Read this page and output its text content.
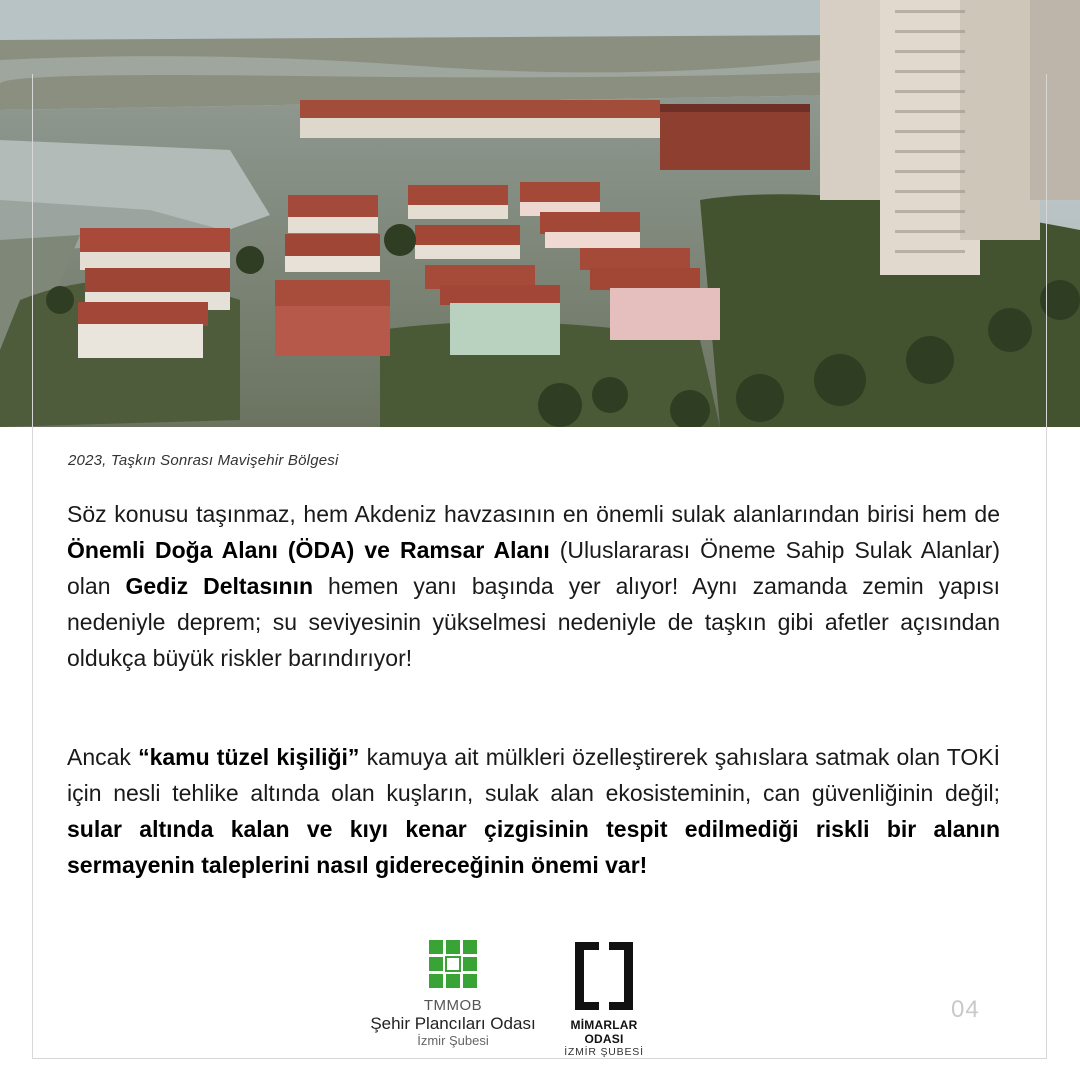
2023, Taşkın Sonrası Mavişehir Bölgesi

Söz konusu taşınmaz, hem Akdeniz havzasının en önemli sulak alanlarından birisi hem de Önemli Doğa Alanı (ÖDA) ve Ramsar Alanı (Uluslararası Öneme Sahip Sulak Alanlar) olan Gediz Deltasının hemen yanı başında yer alıyor! Aynı zamanda zemin yapısı nedeniyle deprem; su seviyesinin yükselmesi nedeniyle de taşkın gibi afetler açısından oldukça büyük riskler barındırıyor!

Ancak “kamu tüzel kişiliği” kamuya ait mülkleri özelleştirerek şahıslara satmak olan TOKİ için nesli tehlike altında olan kuşların, sulak alan ekosisteminin, can güvenliğinin değil; sular altında kalan ve kıyı kenar çizgisinin tespit edilmediği riskli bir alanın sermayenin taleplerini nasıl gidereceğinin önemi var!

TMMOB
Şehir Plancıları Odası
İzmir Şubesi
MİMARLAR ODASI
İZMİR ŞUBESİ
04
